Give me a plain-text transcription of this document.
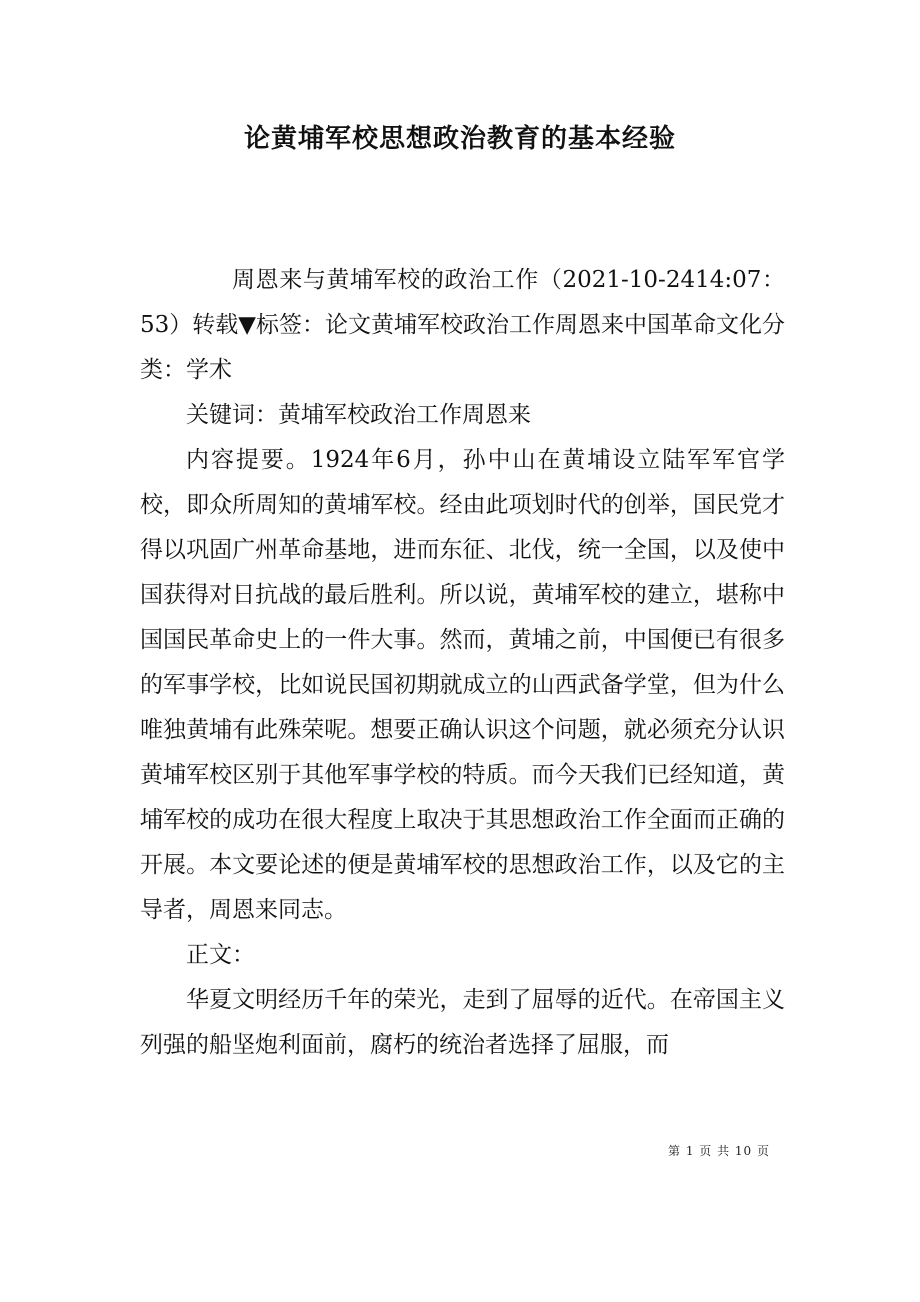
论黄埔军校思想政治教育的基本经验

周恩来与黄埔军校的政治工作（2021-10-2414:07：53）转载▼标签：论文黄埔军校政治工作周恩来中国革命文化分类：学术

关键词：黄埔军校政治工作周恩来

内容提要。1924年6月，孙中山在黄埔设立陆军军官学校，即众所周知的黄埔军校。经由此项划时代的创举，国民党才得以巩固广州革命基地，进而东征、北伐，统一全国，以及使中国获得对日抗战的最后胜利。所以说，黄埔军校的建立，堪称中国国民革命史上的一件大事。然而，黄埔之前，中国便已有很多的军事学校，比如说民国初期就成立的山西武备学堂，但为什么唯独黄埔有此殊荣呢。想要正确认识这个问题，就必须充分认识黄埔军校区别于其他军事学校的特质。而今天我们已经知道，黄埔军校的成功在很大程度上取决于其思想政治工作全面而正确的开展。本文要论述的便是黄埔军校的思想政治工作，以及它的主导者，周恩来同志。

正文：

华夏文明经历千年的荣光，走到了屈辱的近代。在帝国主义列强的船坚炮利面前，腐朽的统治者选择了屈服，而

第 1 页 共 10 页
